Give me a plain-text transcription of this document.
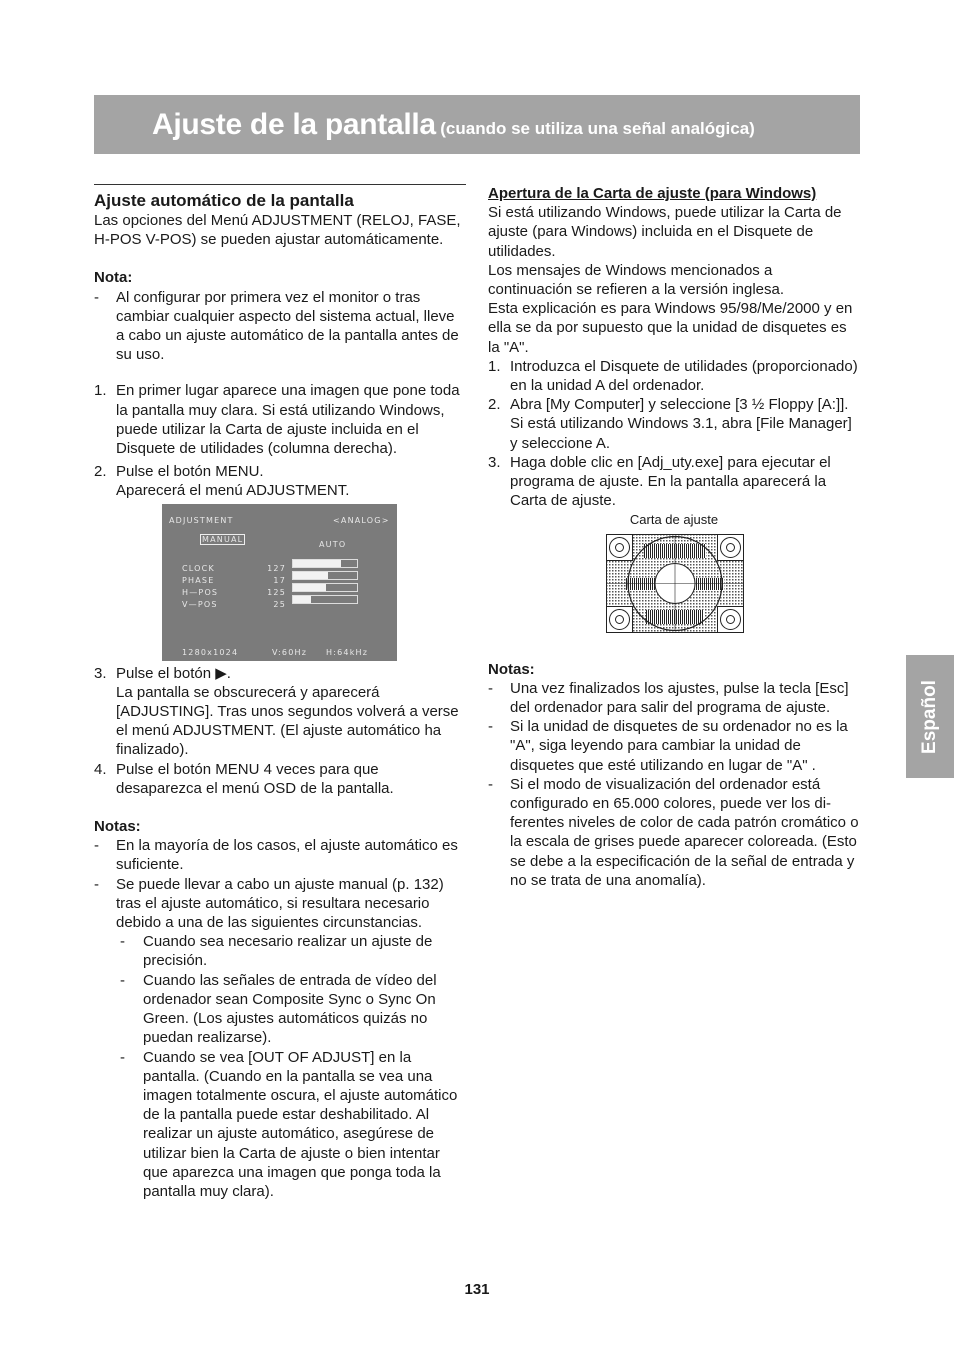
Ajuste de la pantalla (cuando se utiliza una señal analógica)
Español
Ajuste automático de la pantalla
Las opciones del Menú ADJUSTMENT (RELOJ, FASE, H-POS V-POS) se pueden ajustar automáticamente.
Nota:
- Al configurar por primera vez el monitor o tras cambiar cualquier aspecto del sistema actual, lleve a cabo un ajuste automático de la pantalla antes de su uso.
1. En primer lugar aparece una imagen que pone toda la pantalla muy clara. Si está utilizando Windows, puede utilizar la Carta de ajuste incluida en el Disquete de utilidades (columna derecha).
2. Pulse el botón MENU.
Aparecerá el menú ADJUSTMENT.
ADJUSTMENT	<ANALOG>
MANUAL
AUTO
CLOCK	127
PHASE	17
H—POS	125
V—POS	25
1280x1024	V:60Hz H:64kHz
3. Pulse el botón ▶.
La pantalla se obscurecerá y aparecerá [ADJUSTING]. Tras unos segundos volverá a verse el menú ADJUSTMENT. (El ajuste automático ha finalizado).
4. Pulse el botón MENU 4 veces para que desaparezca el menú OSD de la pantalla.
Notas:
- En la mayoría de los casos, el ajuste automático es suficiente.
- Se puede llevar a cabo un ajuste manual (p. 132) tras el ajuste automático, si resultara necesario debido a una de las siguientes circunstancias.
- Cuando sea necesario realizar un ajuste de precisión.
- Cuando las señales de entrada de vídeo del ordenador sean Composite Sync o Sync On Green. (Los ajustes automáticos quizás no puedan realizarse).
- Cuando se vea [OUT OF ADJUST] en la pantalla. (Cuando en la pantalla se vea una imagen totalmente oscura, el ajuste automático de la pantalla puede estar deshabilitado. Al realizar un ajuste automático, asegúrese de utilizar bien la Carta de ajuste o bien intentar que aparezca una imagen que ponga toda la pantalla muy clara).
Apertura de la Carta de ajuste (para Windows)
Si está utilizando Windows, puede utilizar la Carta de ajuste (para Windows) incluida en el Disquete de utilidades.
Los mensajes de Windows mencionados a continuación se refieren a la versión inglesa.
Esta explicación es para Windows 95/98/Me/2000 y en ella se da por supuesto que la unidad de disquetes es la "A".
1. Introduzca el Disquete de utilidades (proporcionado) en la unidad A del ordenador.
2. Abra [My Computer] y seleccione [3 ½ Floppy [A:]]. Si está utilizando Windows 3.1, abra [File Manager] y seleccione A.
3. Haga doble clic en [Adj_uty.exe] para ejecutar el programa de ajuste. En la pantalla aparecerá la Carta de ajuste.
Carta de ajuste
Notas:
- Una vez finalizados los ajustes, pulse la tecla [Esc] del ordenador para salir del programa de ajuste.
- Si la unidad de disquetes de su ordenador no es la "A", siga leyendo para cambiar la unidad de disquetes que esté utilizando en lugar de "A" .
- Si el modo de visualización del ordenador está configurado en 65.000 colores, puede ver los di-ferentes niveles de color de cada patrón cromático o la escala de grises puede aparecer coloreada. (Esto se debe a la especificación de la señal de entrada y no se trata de una anomalía).
131
